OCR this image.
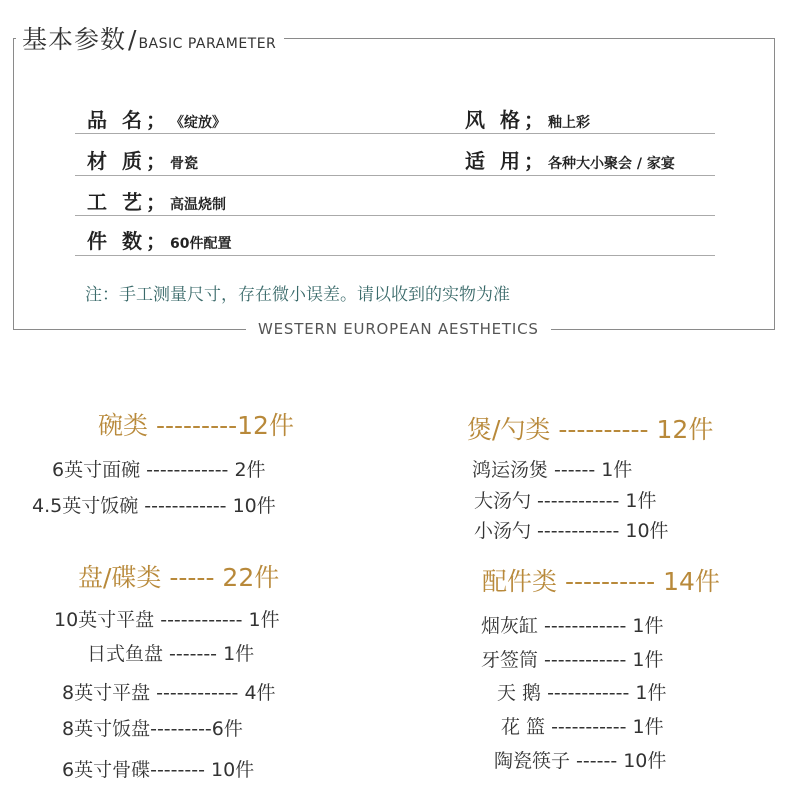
基本参数 / BASIC PARAMETER
品 名； 《绽放》	风 格； 釉上彩
材 质； 骨瓷	适 用； 各种大小聚会 / 家宴
工 艺； 高温烧制
件 数； 60件配置
注：手工测量尺寸，存在微小误差。请以收到的实物为准
WESTERN EUROPEAN AESTHETICS
碗类 ---------12件
6英寸面碗 ------------ 2件
4.5英寸饭碗 ------------ 10件
煲/勺类 ---------- 12件
鸿运汤煲 ------ 1件
大汤勺 ------------ 1件
小汤勺 ------------ 10件
盘/碟类 ----- 22件
10英寸平盘 ------------ 1件
日式鱼盘 ------- 1件
8英寸平盘 ------------ 4件
8英寸饭盘---------6件
6英寸骨碟-------- 10件
配件类 ---------- 14件
烟灰缸 ------------ 1件
牙签筒 ------------ 1件
天 鹅 ------------ 1件
花 篮 ----------- 1件
陶瓷筷子 ------ 10件
